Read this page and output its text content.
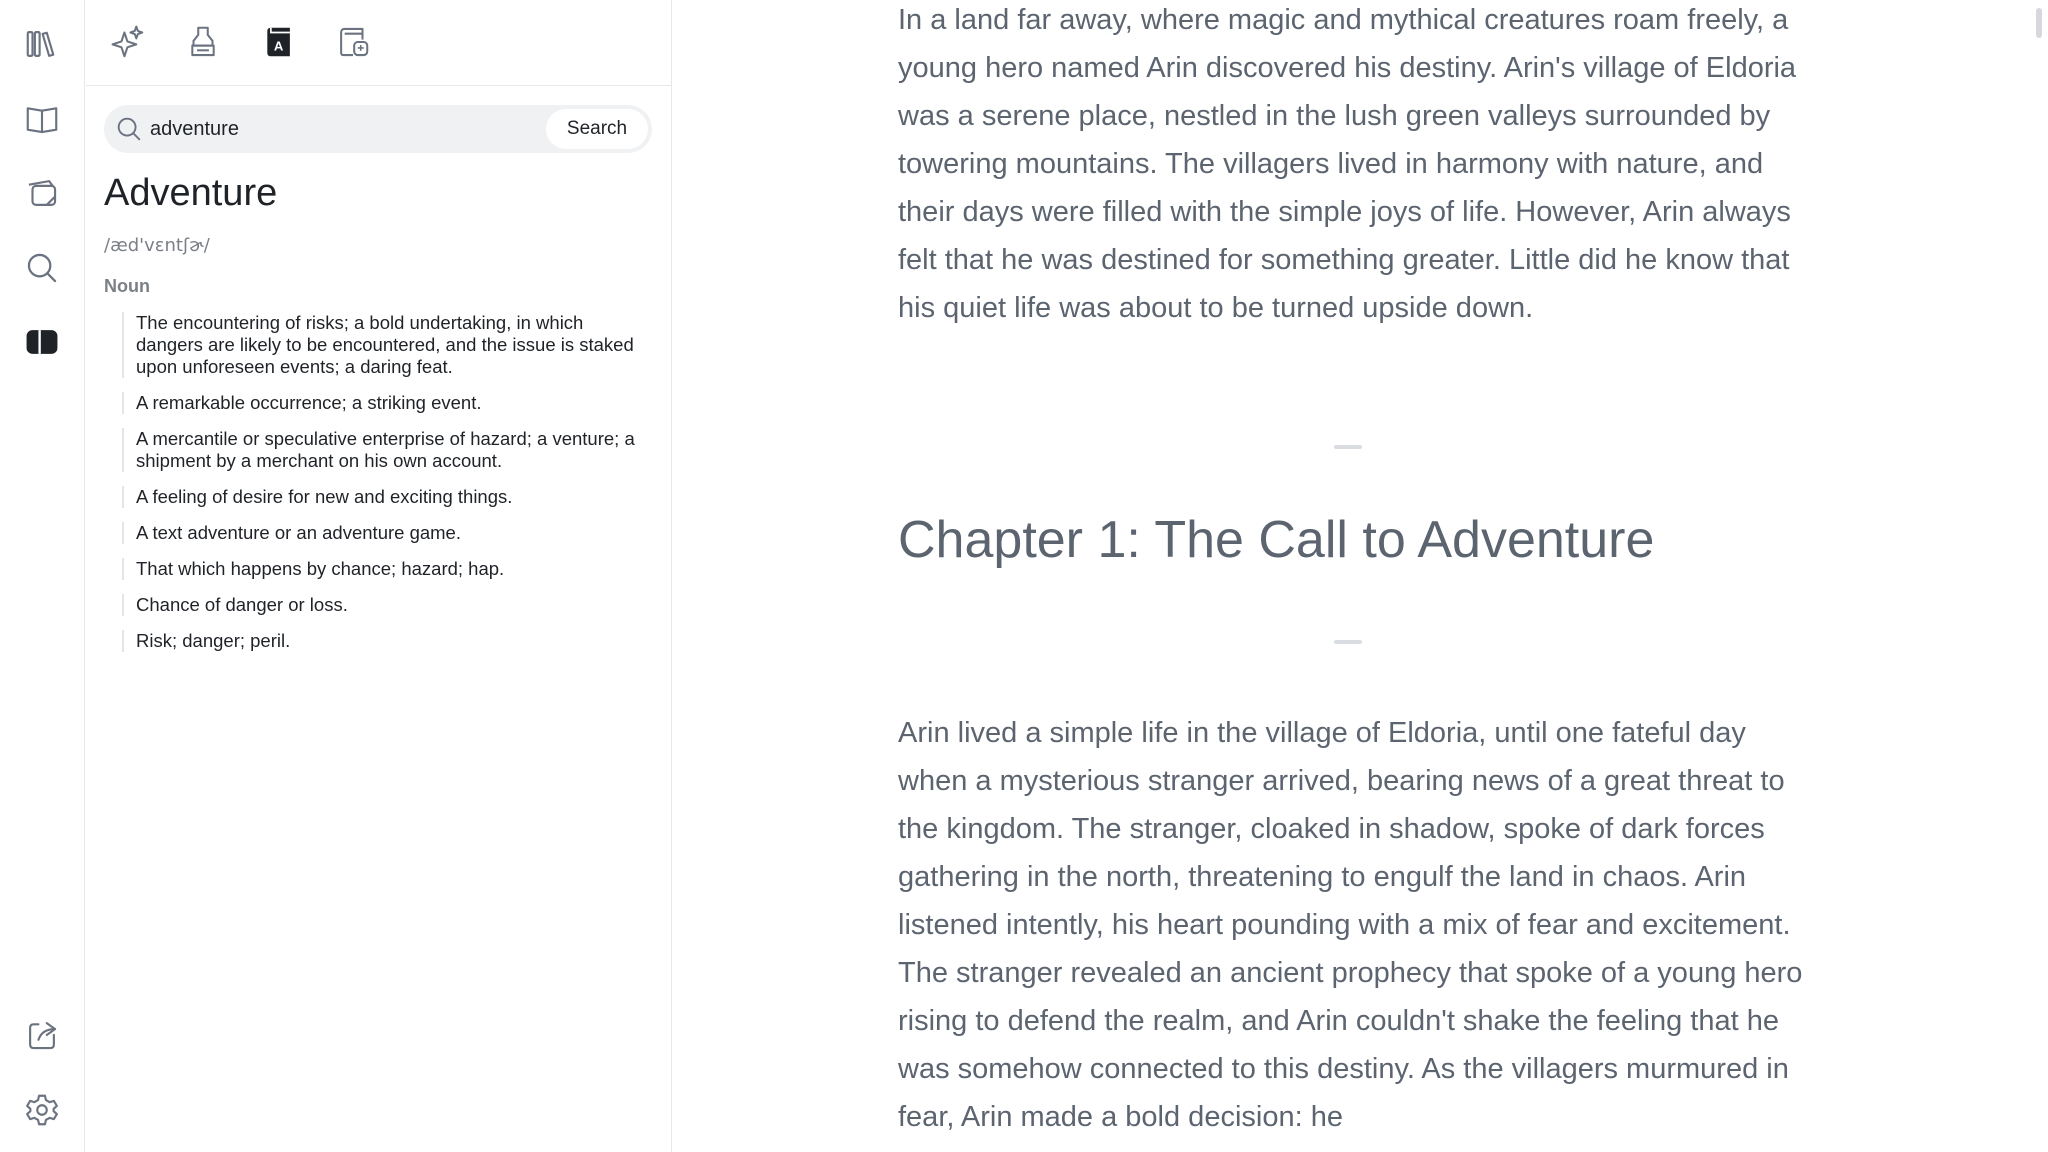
A
adventure
Search
Adventure
/æd'vɛntʃɚ/
Noun
The encountering of risks; a bold undertaking, in which dangers are likely to be encountered, and the issue is staked upon unforeseen events; a daring feat.
A remarkable occurrence; a striking event.
A mercantile or speculative enterprise of hazard; a venture; a shipment by a merchant on his own account.
A feeling of desire for new and exciting things.
A text adventure or an adventure game.
That which happens by chance; hazard; hap.
Chance of danger or loss.
Risk; danger; peril.

In a land far away, where magic and mythical creatures roam freely, a young hero named Arin discovered his destiny. Arin's village of Eldoria was a serene place, nestled in the lush green valleys surrounded by towering mountains. The villagers lived in harmony with nature, and their days were filled with the simple joys of life. However, Arin always felt that he was destined for something greater. Little did he know that his quiet life was about to be turned upside down.

Chapter 1: The Call to Adventure

Arin lived a simple life in the village of Eldoria, until one fateful day when a mysterious stranger arrived, bearing news of a great threat to the kingdom. The stranger, cloaked in shadow, spoke of dark forces gathering in the north, threatening to engulf the land in chaos. Arin listened intently, his heart pounding with a mix of fear and excitement. The stranger revealed an ancient prophecy that spoke of a young hero rising to defend the realm, and Arin couldn't shake the feeling that he was somehow connected to this destiny. As the villagers murmured in fear, Arin made a bold decision: he
